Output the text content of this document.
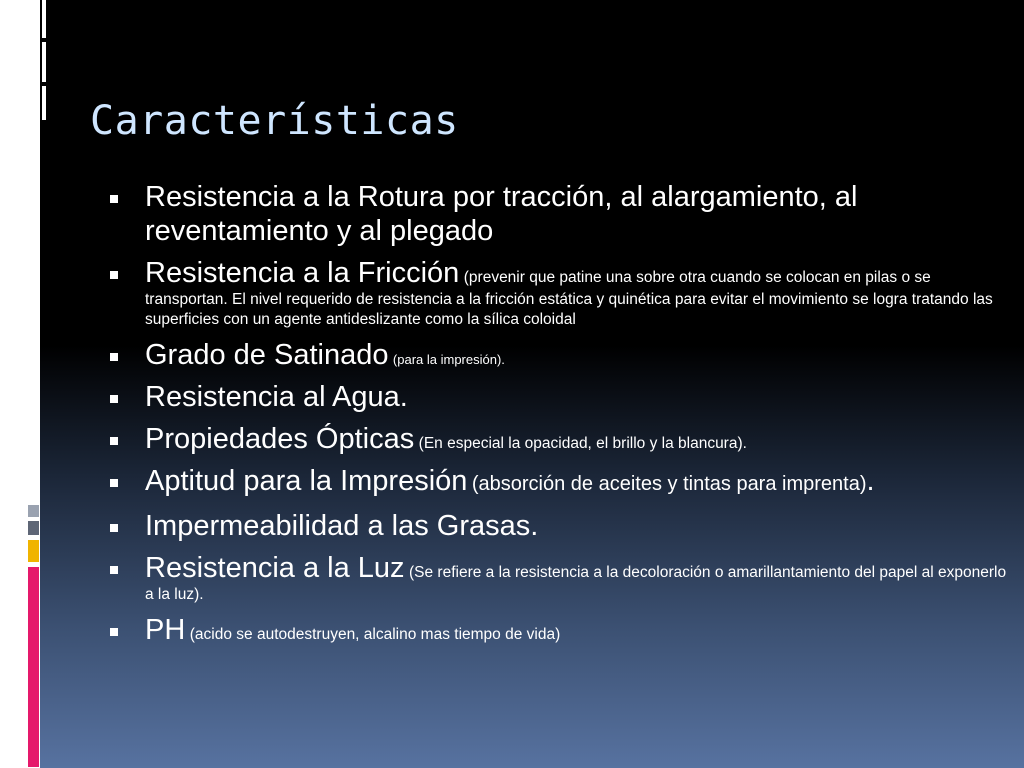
Características
Resistencia a la Rotura por tracción, al alargamiento, al reventamiento y al plegado
Resistencia a la Fricción (prevenir que patine una sobre otra cuando se colocan en pilas o se transportan. El nivel requerido de resistencia a la fricción estática y quinética para evitar el movimiento se logra tratando las superficies con un agente antideslizante como la sílica coloidal
Grado de Satinado (para la impresión).
Resistencia al Agua.
Propiedades Ópticas (En especial la opacidad, el brillo y la blancura).
Aptitud para la Impresión (absorción de aceites y tintas para imprenta).
Impermeabilidad a las Grasas.
Resistencia a la Luz (Se refiere a la resistencia a la decoloración o amarillantamiento del papel al exponerlo a la luz).
PH (acido se autodestruyen, alcalino mas tiempo de vida)
